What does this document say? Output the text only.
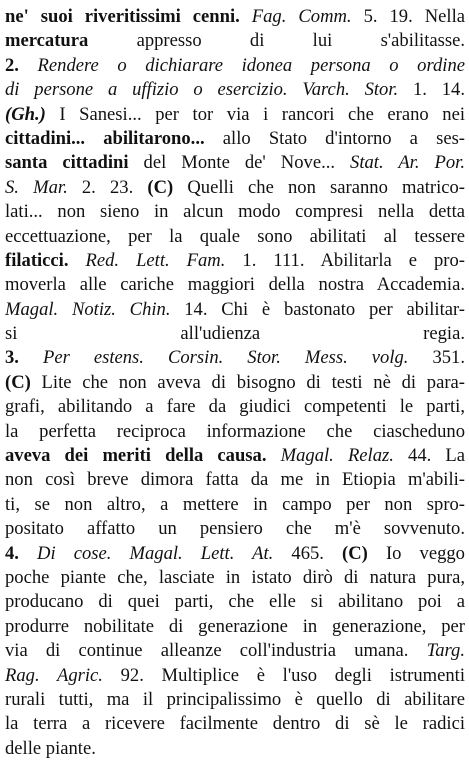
ne' suoi riveritissimi cenni. Fag. Comm. 5. 19. Nella
mercatura appresso di lui s'abilitasse.
2. Rendere o dichiarare idonea persona o ordine
di persone a uffizio o esercizio. Varch. Stor. 1. 14.
(Gh.) I Sanesi... per tor via i rancori che erano nei
cittadini... abilitarono... allo Stato d'intorno a ses-
santa cittadini del Monte de' Nove... Stat. Ar. Por.
S. Mar. 2. 23. (C) Quelli che non saranno matrico-
lati... non sieno in alcun modo compresi nella detta
eccettuazione, per la quale sono abilitati al tessere
filaticci. Red. Lett. Fam. 1. 111. Abilitarla e pro-
moverla alle cariche maggiori della nostra Accademia.
Magal. Notiz. Chin. 14. Chi è bastonato per abilitar-
si all'udienza regia.
3. Per estens. Corsin. Stor. Mess. volg. 351.
(C) Lite che non aveva di bisogno di testi nè di para-
grafi, abilitando a fare da giudici competenti le parti,
la perfetta reciproca informazione che ciascheduno
aveva dei meriti della causa. Magal. Relaz. 44. La
non così breve dimora fatta da me in Etiopia m'abili-
ti, se non altro, a mettere in campo per non spro-
positato affatto un pensiero che m'è sovvenuto.
4. Di cose. Magal. Lett. At. 465. (C) Io veggo
poche piante che, lasciate in istato dirò di natura pura,
producano di quei parti, che elle si abilitano poi a
produrre nobilitate di generazione in generazione, per
via di continue alleanze coll'industria umana. Targ.
Rag. Agric. 92. Multiplice è l'uso degli istrumenti
rurali tutti, ma il principalissimo è quello di abilitare
la terra a ricevere facilmente dentro di sè le radici
delle piante.
